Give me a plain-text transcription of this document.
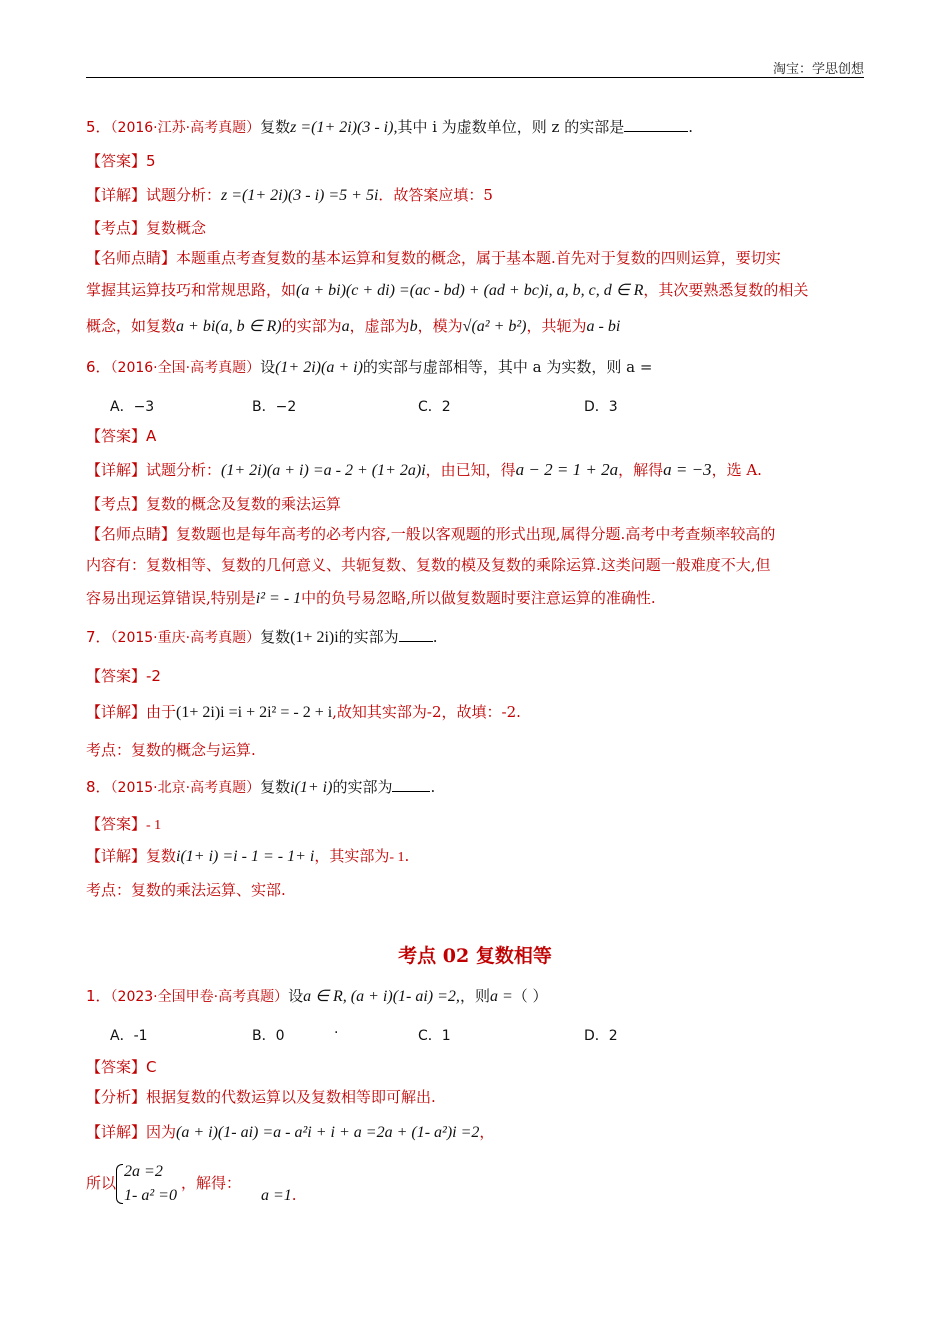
淘宝：学思创想
5．（2016·江苏·高考真题）复数z =(1+ 2i)(3 - i),其中 i 为虚数单位，则 z 的实部是	.
【答案】5
【详解】试题分析：z =(1+ 2i)(3 - i) =5 + 5i．故答案应填：5
【考点】复数概念
【名师点睛】本题重点考查复数的基本运算和复数的概念，属于基本题.首先对于复数的四则运算，要切实
掌握其运算技巧和常规思路，如(a + bi)(c + di) =(ac - bd) + (ad + bc)i, a, b, c, d ∈ R，其次要熟悉复数的相关
概念，如复数a + bi(a, b ∈ R)的实部为a，虚部为b，模为√(a² + b²)，共轭为a - bi
6．（2016·全国·高考真题）设(1+ 2i)(a + i)的实部与虚部相等，其中 a 为实数，则 a =
A．−3	B．−2	C．2	D．3
【答案】A
【详解】试题分析：(1+ 2i)(a + i) =a - 2 + (1+ 2a)i，由已知，得a − 2 = 1 + 2a，解得a = −3，选 A.
【考点】复数的概念及复数的乘法运算
【名师点睛】复数题也是每年高考的必考内容,一般以客观题的形式出现,属得分题.高考中考查频率较高的
内容有：复数相等、复数的几何意义、共轭复数、复数的模及复数的乘除运算.这类问题一般难度不大,但
容易出现运算错误,特别是i² = - 1中的负号易忽略,所以做复数题时要注意运算的准确性.
7．（2015·重庆·高考真题）复数(1+ 2i)i的实部为 .
【答案】-2
【详解】由于(1+ 2i)i =i + 2i² = - 2 + i,故知其实部为-2，故填：-2.
考点：复数的概念与运算.
8．（2015·北京·高考真题）复数i(1+ i)的实部为	.
【答案】- 1
【详解】复数i(1+ i) =i - 1 = - 1+ i，其实部为- 1.
考点：复数的乘法运算、实部.
考点 02 复数相等
1．（2023·全国甲卷·高考真题）设a ∈ R, (a + i)(1- ai) =2,，则a =（ ）
A．-1	B．0	·	C．1	D．2
【答案】C
【分析】根据复数的代数运算以及复数相等即可解出.
【详解】因为(a + i)(1- ai) =a - a²i + i + a =2a + (1- a²)i =2，
所以
2a =2
1- a² =0
，解得：a =1.
